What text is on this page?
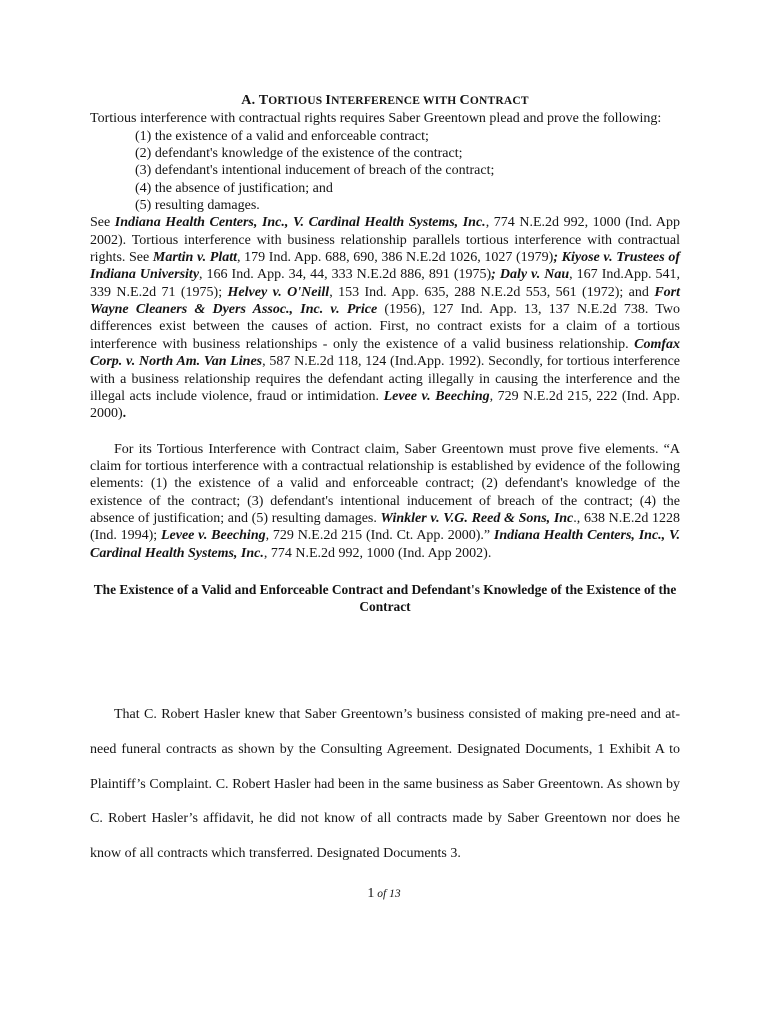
A. TORTIOUS INTERFERENCE WITH CONTRACT

Tortious interference with contractual rights requires Saber Greentown plead and prove the following:

(1) the existence of a valid and enforceable contract;
(2) defendant's knowledge of the existence of the contract;
(3) defendant's intentional inducement of breach of the contract;
(4) the absence of justification; and
(5) resulting damages.

See Indiana Health Centers, Inc., V. Cardinal Health Systems, Inc., 774 N.E.2d 992, 1000 (Ind. App 2002). Tortious interference with business relationship parallels tortious interference with contractual rights. See Martin v. Platt, 179 Ind. App. 688, 690, 386 N.E.2d 1026, 1027 (1979); Kiyose v. Trustees of Indiana University, 166 Ind. App. 34, 44, 333 N.E.2d 886, 891 (1975); Daly v. Nau, 167 Ind.App. 541, 339 N.E.2d 71 (1975); Helvey v. O'Neill, 153 Ind. App. 635, 288 N.E.2d 553, 561 (1972); and Fort Wayne Cleaners & Dyers Assoc., Inc. v. Price (1956), 127 Ind. App. 13, 137 N.E.2d 738. Two differences exist between the causes of action. First, no contract exists for a claim of a tortious interference with business relationships - only the existence of a valid business relationship. Comfax Corp. v. North Am. Van Lines, 587 N.E.2d 118, 124 (Ind.App. 1992). Secondly, for tortious interference with a business relationship requires the defendant acting illegally in causing the interference and the illegal acts include violence, fraud or intimidation. Levee v. Beeching, 729 N.E.2d 215, 222 (Ind. App. 2000).

For its Tortious Interference with Contract claim, Saber Greentown must prove five elements. “A claim for tortious interference with a contractual relationship is established by evidence of the following elements: (1) the existence of a valid and enforceable contract; (2) defendant's knowledge of the existence of the contract; (3) defendant's intentional inducement of breach of the contract; (4) the absence of justification; and (5) resulting damages. Winkler v. V.G. Reed & Sons, Inc., 638 N.E.2d 1228 (Ind. 1994); Levee v. Beeching, 729 N.E.2d 215 (Ind. Ct. App. 2000).” Indiana Health Centers, Inc., V. Cardinal Health Systems, Inc., 774 N.E.2d 992, 1000 (Ind. App 2002).

The Existence of a Valid and Enforceable Contract and Defendant's Knowledge of the Existence of the Contract

That C. Robert Hasler knew that Saber Greentown’s business consisted of making pre-need and at-need funeral contracts as shown by the Consulting Agreement. Designated Documents, 1 Exhibit A to Plaintiff’s Complaint. C. Robert Hasler had been in the same business as Saber Greentown. As shown by C. Robert Hasler’s affidavit, he did not know of all contracts made by Saber Greentown nor does he know of all contracts which transferred. Designated Documents 3.

1 of 13
